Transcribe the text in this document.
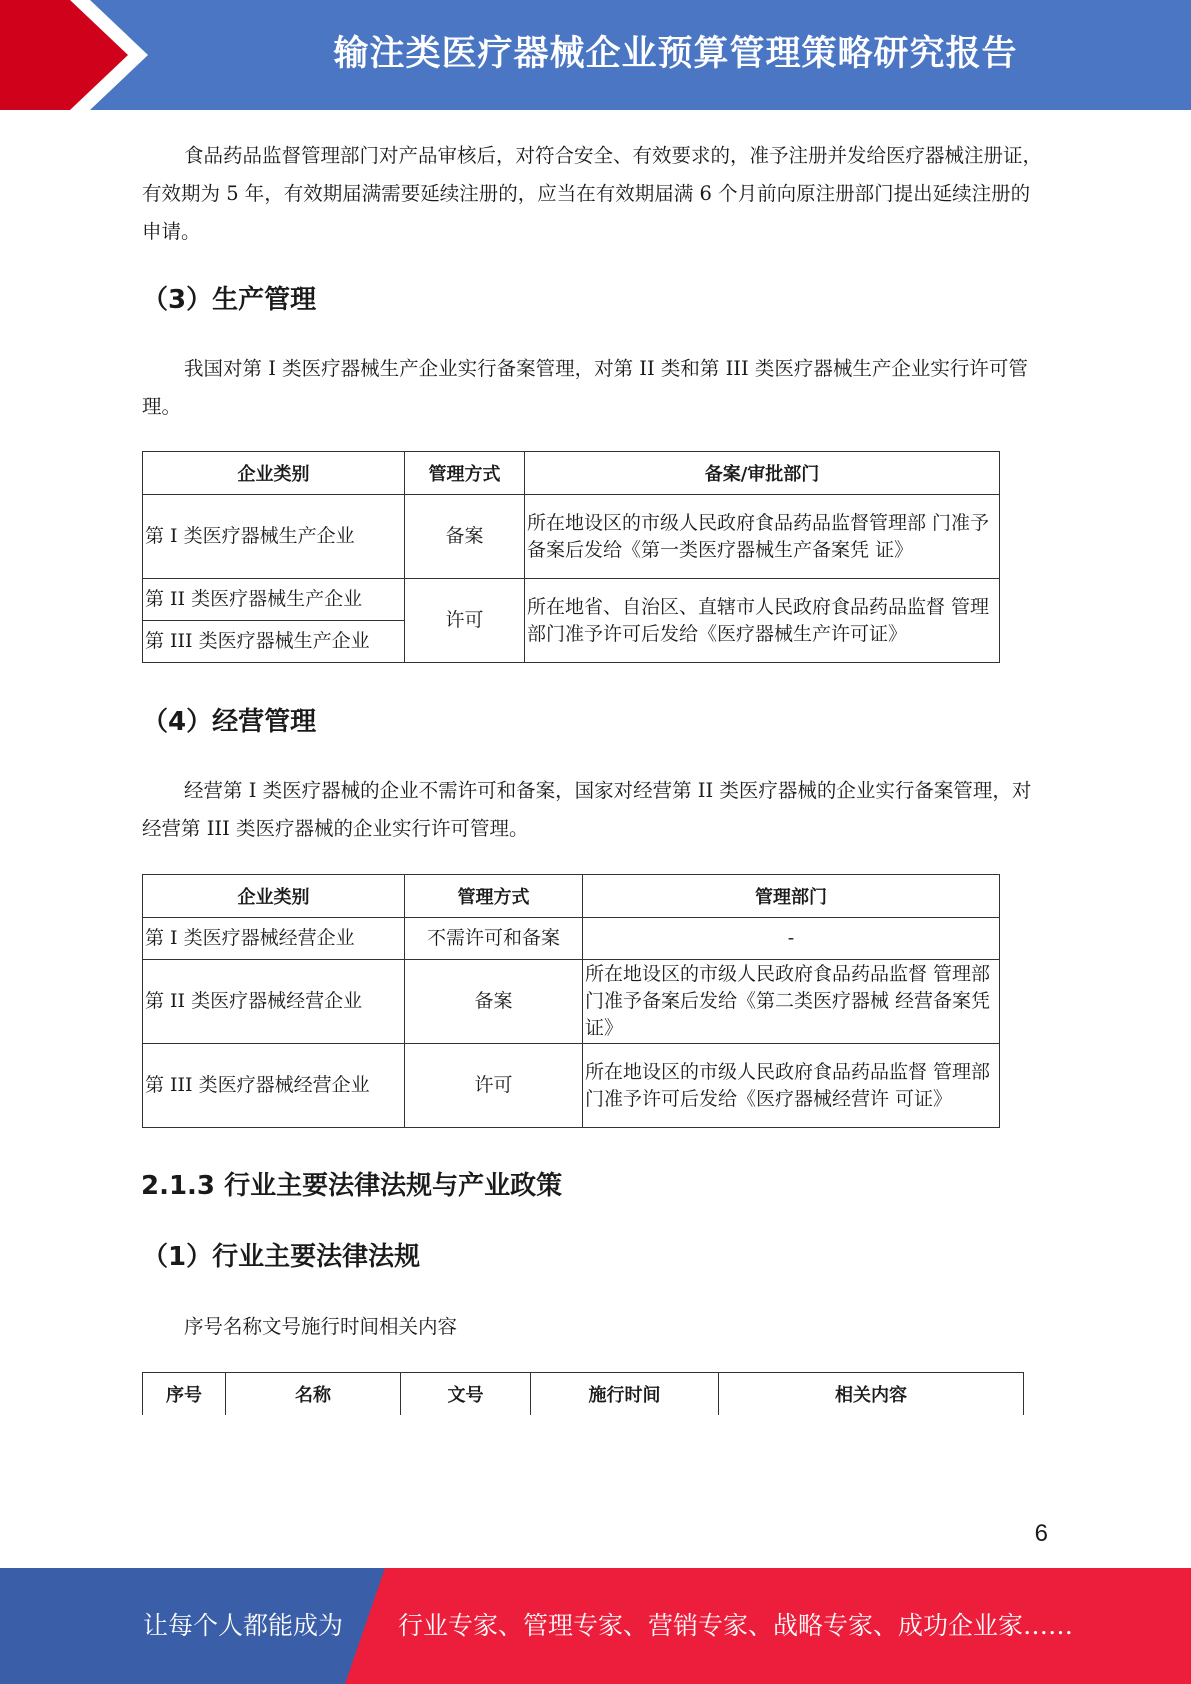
输注类医疗器械企业预算管理策略研究报告

食品药品监督管理部门对产品审核后，对符合安全、有效要求的，准予注册并发给医疗器械注册证，有效期为 5 年，有效期届满需要延续注册的，应当在有效期届满 6 个月前向原注册部门提出延续注册的申请。

（3）生产管理

我国对第 I 类医疗器械生产企业实行备案管理，对第 II 类和第 III 类医疗器械生产企业实行许可管理。

企业类别	管理方式	备案/审批部门
第 I 类医疗器械生产企业	备案	所在地设区的市级人民政府食品药品监督管理部 门准予备案后发给《第一类医疗器械生产备案凭 证》
第 II 类医疗器械生产企业	许可	所在地省、自治区、直辖市人民政府食品药品监督 管理部门准予许可后发给《医疗器械生产许可证》
第 III 类医疗器械生产企业		
（4）经营管理

经营第 I 类医疗器械的企业不需许可和备案，国家对经营第 II 类医疗器械的企业实行备案管理，对经营第 III 类医疗器械的企业实行许可管理。

企业类别	管理方式	管理部门
第 I 类医疗器械经营企业	不需许可和备案	-
第 II 类医疗器械经营企业	备案	所在地设区的市级人民政府食品药品监督 管理部门准予备案后发给《第二类医疗器械 经营备案凭证》
第 III 类医疗器械经营企业	许可	所在地设区的市级人民政府食品药品监督 管理部门准予许可后发给《医疗器械经营许 可证》
2.1.3 行业主要法律法规与产业政策
（1）行业主要法律法规

序号名称文号施行时间相关内容

序号	名称	文号	施行时间	相关内容
6
让每个人都能成为 行业专家、管理专家、营销专家、战略专家、成功企业家……
